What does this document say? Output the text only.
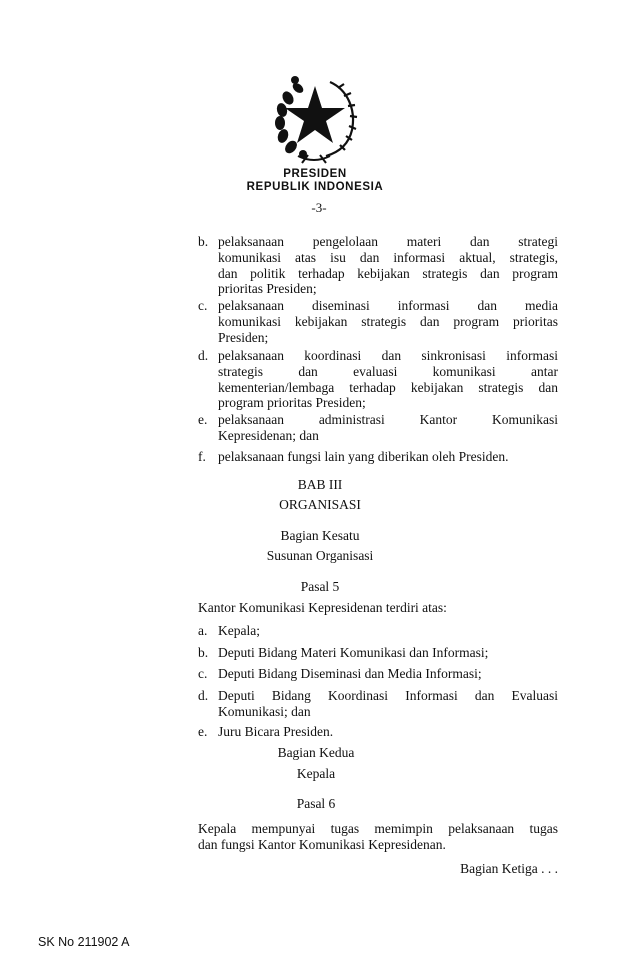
PRESIDEN
REPUBLIK INDONESIA
-3-
b. pelaksanaan pengelolaan materi dan strategi
komunikasi atas isu dan informasi aktual, strategis,
dan politik terhadap kebijakan strategis dan program
prioritas Presiden;
c. pelaksanaan diseminasi informasi dan media
komunikasi kebijakan strategis dan program prioritas
Presiden;
d. pelaksanaan koordinasi dan sinkronisasi informasi
strategis dan evaluasi komunikasi antar
kementerian/lembaga terhadap kebijakan strategis dan
program prioritas Presiden;
e. pelaksanaan administrasi Kantor Komunikasi
Kepresidenan; dan
f. pelaksanaan fungsi lain yang diberikan oleh Presiden.
BAB III
ORGANISASI
Bagian Kesatu
Susunan Organisasi
Pasal 5
Kantor Komunikasi Kepresidenan terdiri atas:
a. Kepala;
b. Deputi Bidang Materi Komunikasi dan Informasi;
c. Deputi Bidang Diseminasi dan Media Informasi;
d. Deputi Bidang Koordinasi Informasi dan Evaluasi
Komunikasi; dan
e. Juru Bicara Presiden.
Bagian Kedua
Kepala
Pasal 6
Kepala mempunyai tugas memimpin pelaksanaan tugas
dan fungsi Kantor Komunikasi Kepresidenan.
Bagian Ketiga . . .
SK No 211902 A
